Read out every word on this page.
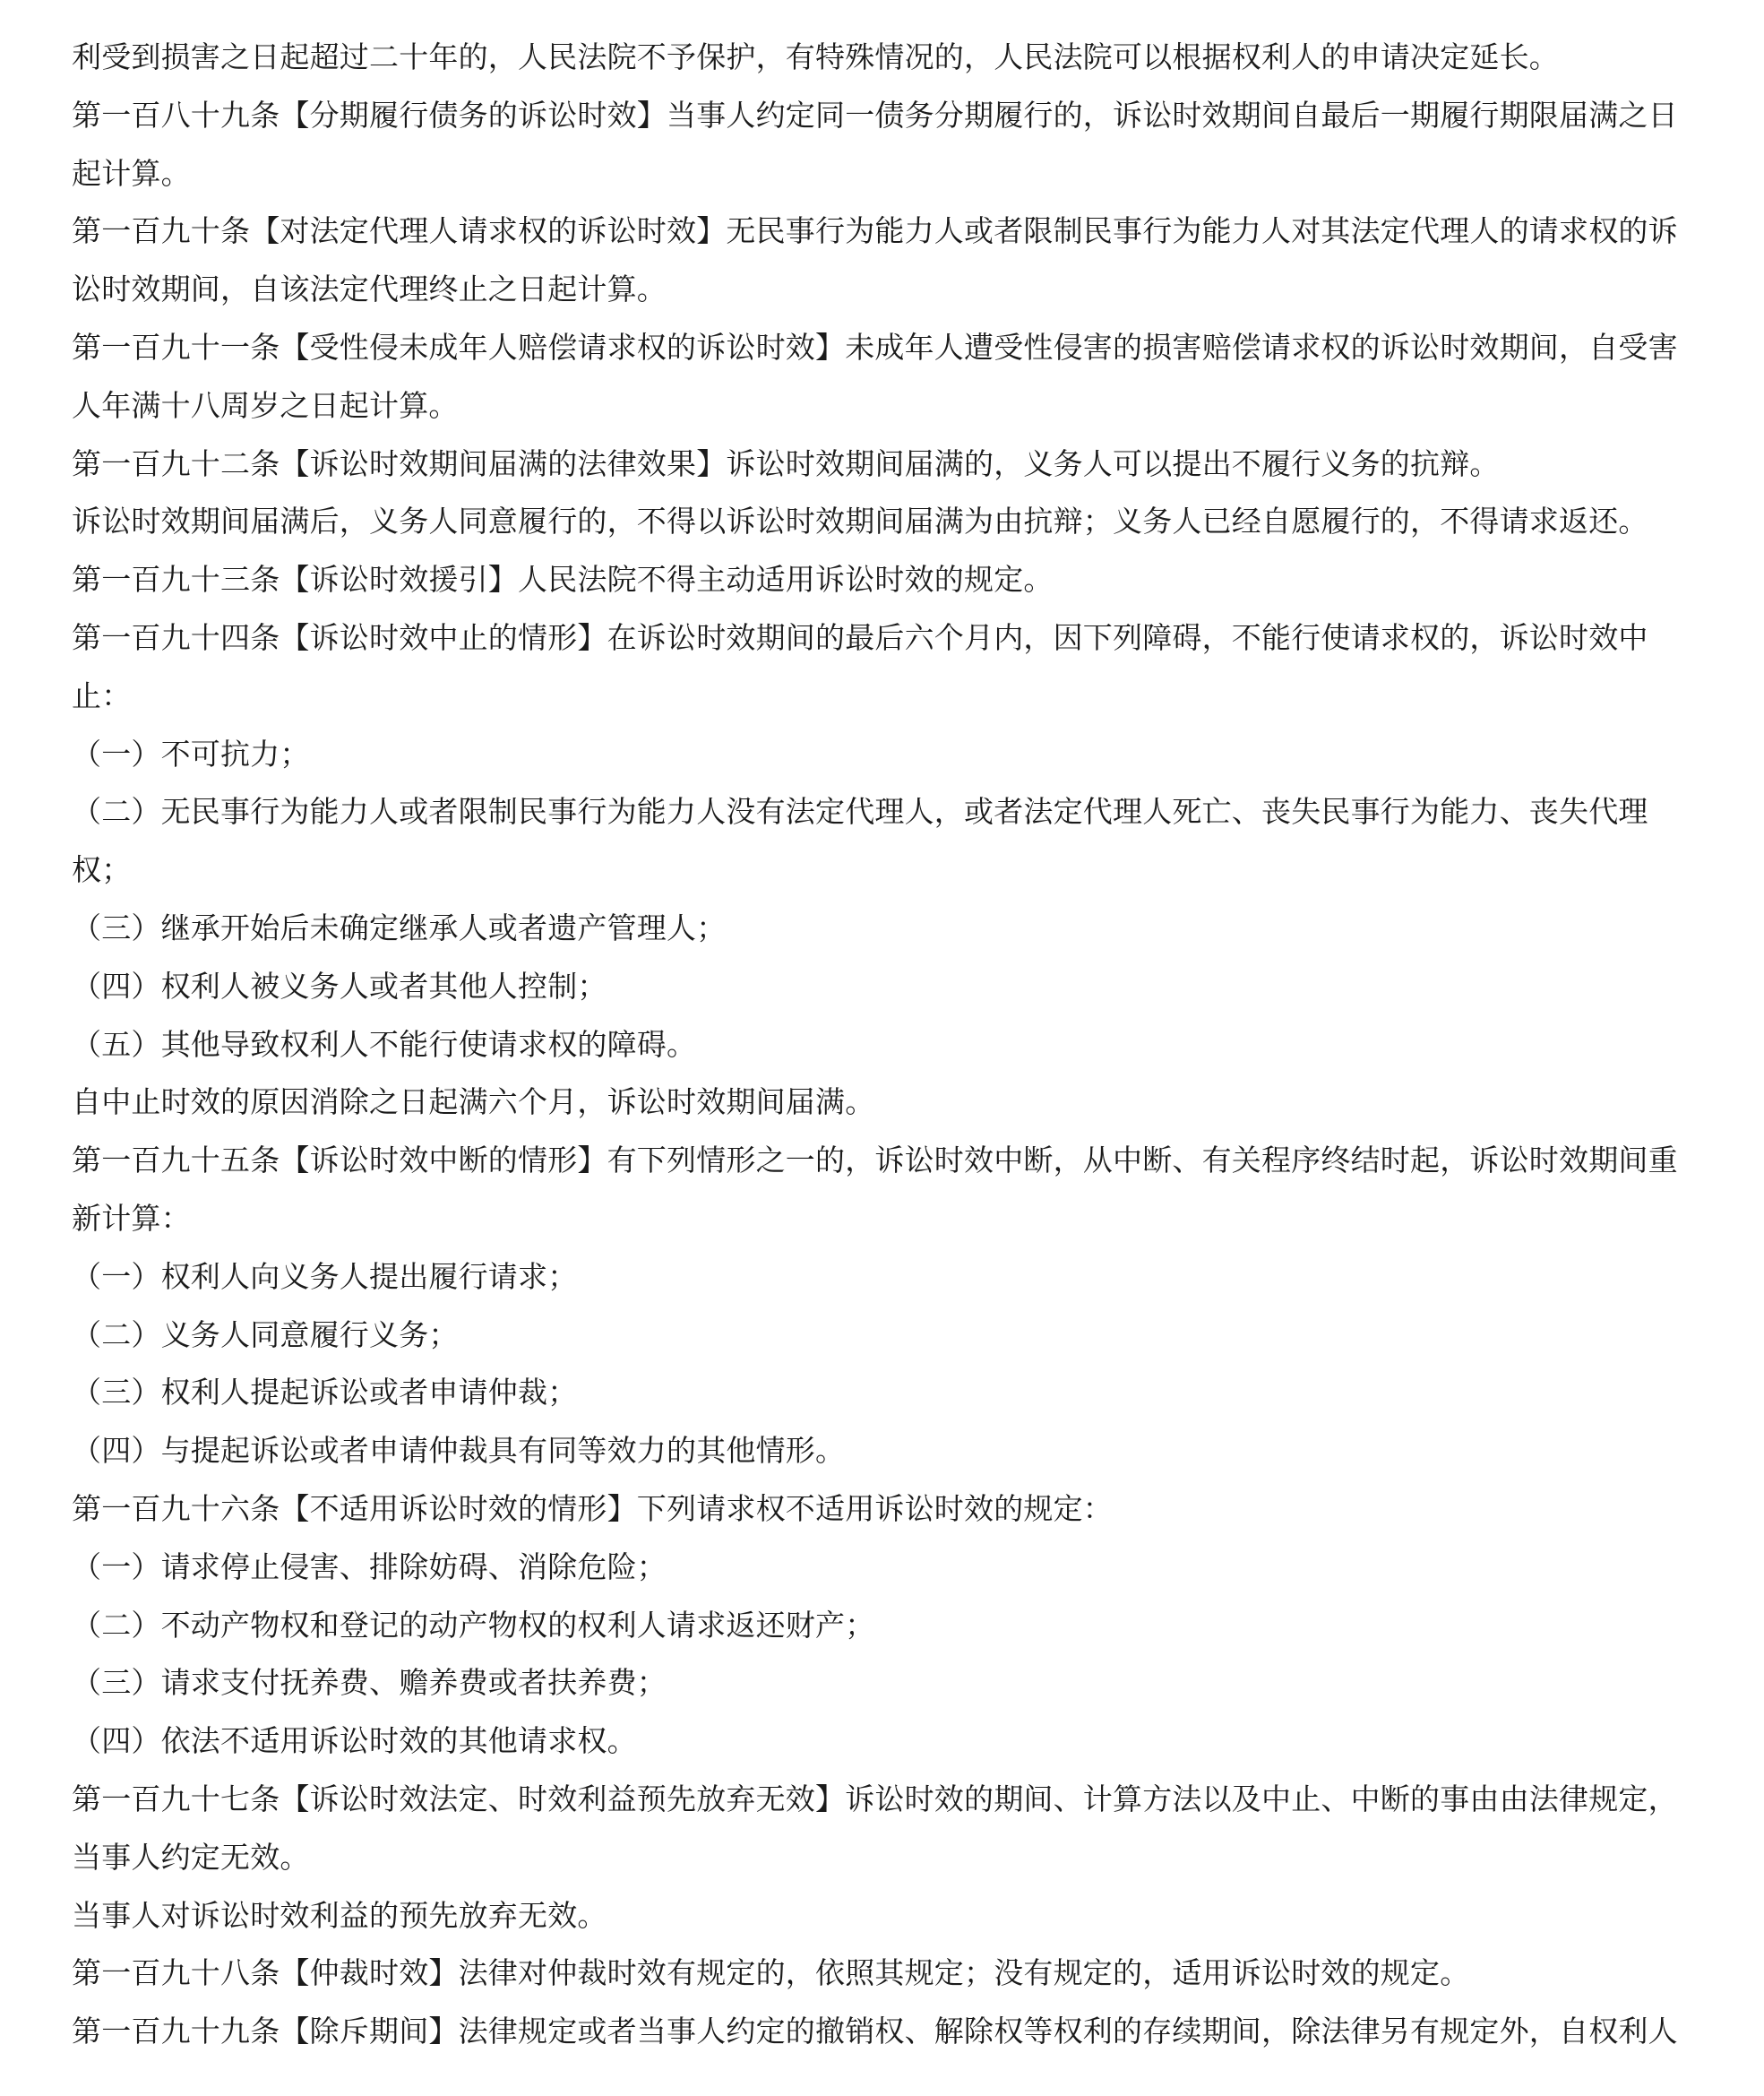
利受到损害之日起超过二十年的，人民法院不予保护，有特殊情况的，人民法院可以根据权利人的申请决定延长。

第一百八十九条【分期履行债务的诉讼时效】当事人约定同一债务分期履行的，诉讼时效期间自最后一期履行期限届满之日起计算。

第一百九十条【对法定代理人请求权的诉讼时效】无民事行为能力人或者限制民事行为能力人对其法定代理人的请求权的诉讼时效期间，自该法定代理终止之日起计算。

第一百九十一条【受性侵未成年人赔偿请求权的诉讼时效】未成年人遭受性侵害的损害赔偿请求权的诉讼时效期间，自受害人年满十八周岁之日起计算。

第一百九十二条【诉讼时效期间届满的法律效果】诉讼时效期间届满的，义务人可以提出不履行义务的抗辩。

诉讼时效期间届满后，义务人同意履行的，不得以诉讼时效期间届满为由抗辩；义务人已经自愿履行的，不得请求返还。

第一百九十三条【诉讼时效援引】人民法院不得主动适用诉讼时效的规定。

第一百九十四条【诉讼时效中止的情形】在诉讼时效期间的最后六个月内，因下列障碍，不能行使请求权的，诉讼时效中止：

（一）不可抗力；

（二）无民事行为能力人或者限制民事行为能力人没有法定代理人，或者法定代理人死亡、丧失民事行为能力、丧失代理权；

（三）继承开始后未确定继承人或者遗产管理人；

（四）权利人被义务人或者其他人控制；

（五）其他导致权利人不能行使请求权的障碍。

自中止时效的原因消除之日起满六个月，诉讼时效期间届满。

第一百九十五条【诉讼时效中断的情形】有下列情形之一的，诉讼时效中断，从中断、有关程序终结时起，诉讼时效期间重新计算：

（一）权利人向义务人提出履行请求；

（二）义务人同意履行义务；

（三）权利人提起诉讼或者申请仲裁；

（四）与提起诉讼或者申请仲裁具有同等效力的其他情形。

第一百九十六条【不适用诉讼时效的情形】下列请求权不适用诉讼时效的规定：

（一）请求停止侵害、排除妨碍、消除危险；

（二）不动产物权和登记的动产物权的权利人请求返还财产；

（三）请求支付抚养费、赡养费或者扶养费；

（四）依法不适用诉讼时效的其他请求权。

第一百九十七条【诉讼时效法定、时效利益预先放弃无效】诉讼时效的期间、计算方法以及中止、中断的事由由法律规定，当事人约定无效。

当事人对诉讼时效利益的预先放弃无效。

第一百九十八条【仲裁时效】法律对仲裁时效有规定的，依照其规定；没有规定的，适用诉讼时效的规定。

第一百九十九条【除斥期间】法律规定或者当事人约定的撤销权、解除权等权利的存续期间，除法律另有规定外，自权利人
